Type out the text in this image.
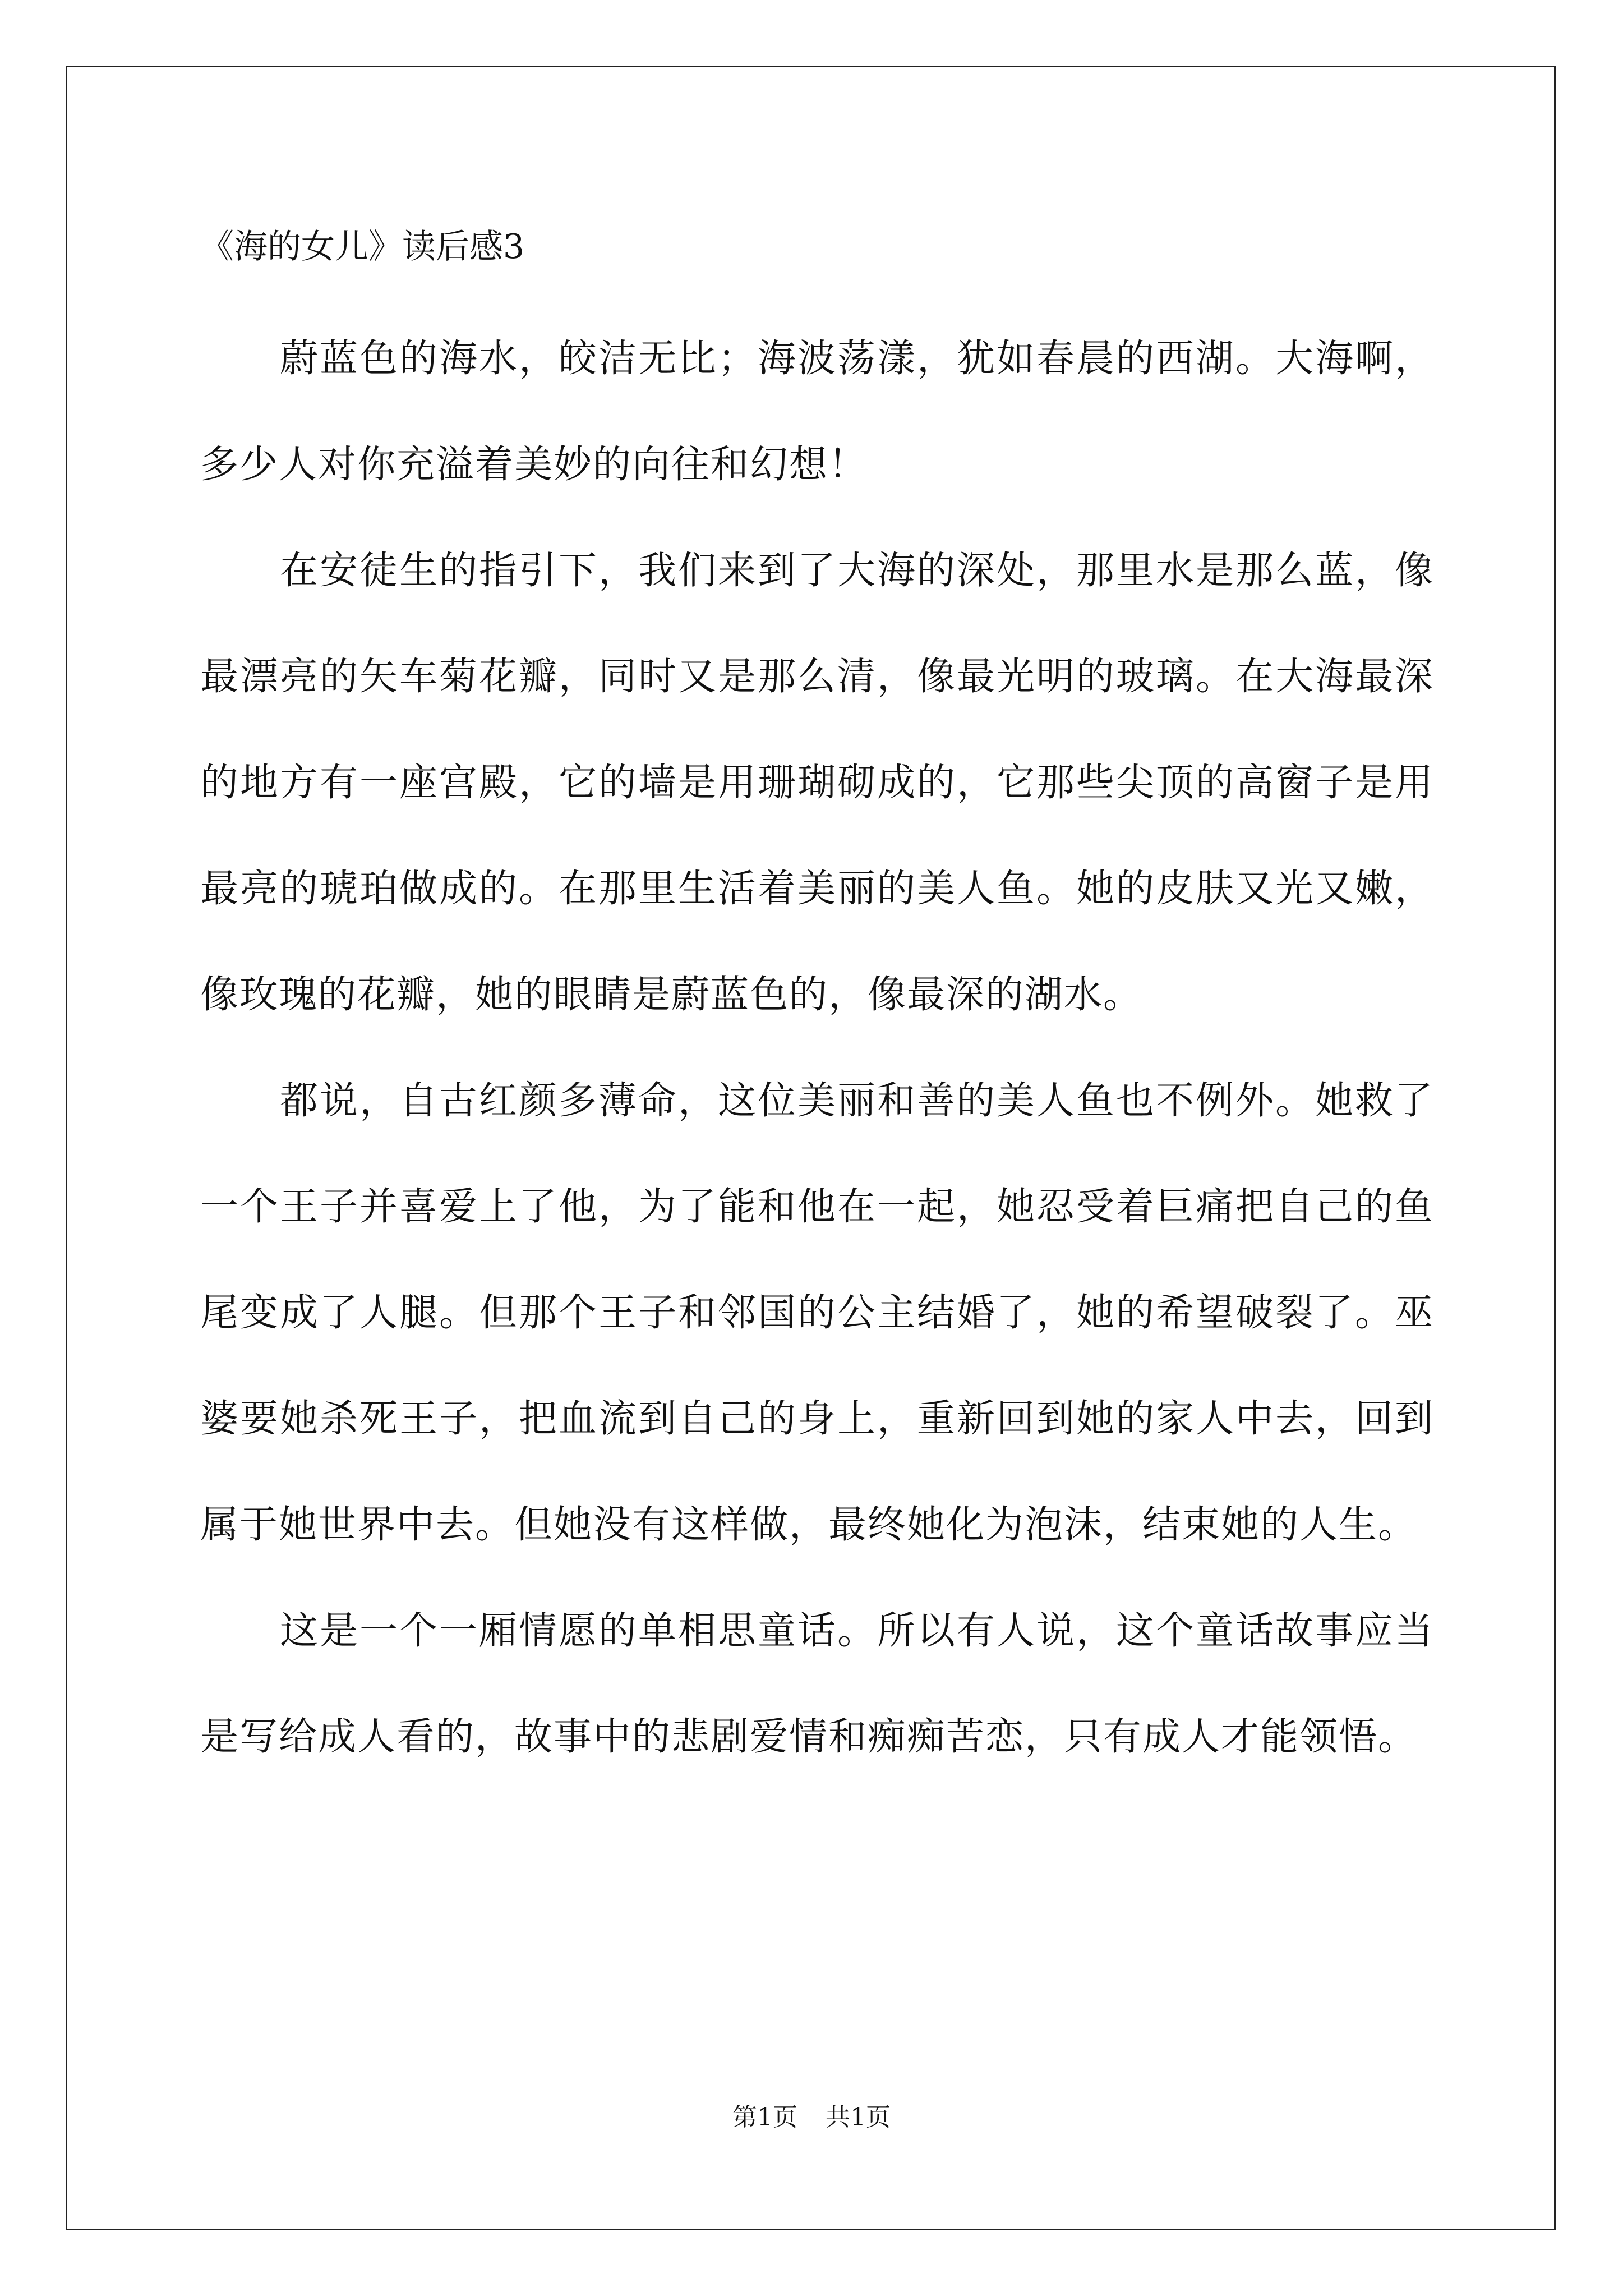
《海的女儿》读后感3

蔚蓝色的海水，皎洁无比；海波荡漾，犹如春晨的西湖。大海啊，多少人对你充溢着美妙的向往和幻想！

在安徒生的指引下，我们来到了大海的深处，那里水是那么蓝，像最漂亮的矢车菊花瓣，同时又是那么清，像最光明的玻璃。在大海最深的地方有一座宫殿，它的墙是用珊瑚砌成的，它那些尖顶的高窗子是用最亮的琥珀做成的。在那里生活着美丽的美人鱼。她的皮肤又光又嫩，像玫瑰的花瓣，她的眼睛是蔚蓝色的，像最深的湖水。

都说，自古红颜多薄命，这位美丽和善的美人鱼也不例外。她救了一个王子并喜爱上了他，为了能和他在一起，她忍受着巨痛把自己的鱼尾变成了人腿。但那个王子和邻国的公主结婚了，她的希望破裂了。巫婆要她杀死王子，把血流到自己的身上，重新回到她的家人中去，回到属于她世界中去。但她没有这样做，最终她化为泡沫，结束她的人生。

这是一个一厢情愿的单相思童话。所以有人说，这个童话故事应当是写给成人看的，故事中的悲剧爱情和痴痴苦恋，只有成人才能领悟。

第1页 共1页
